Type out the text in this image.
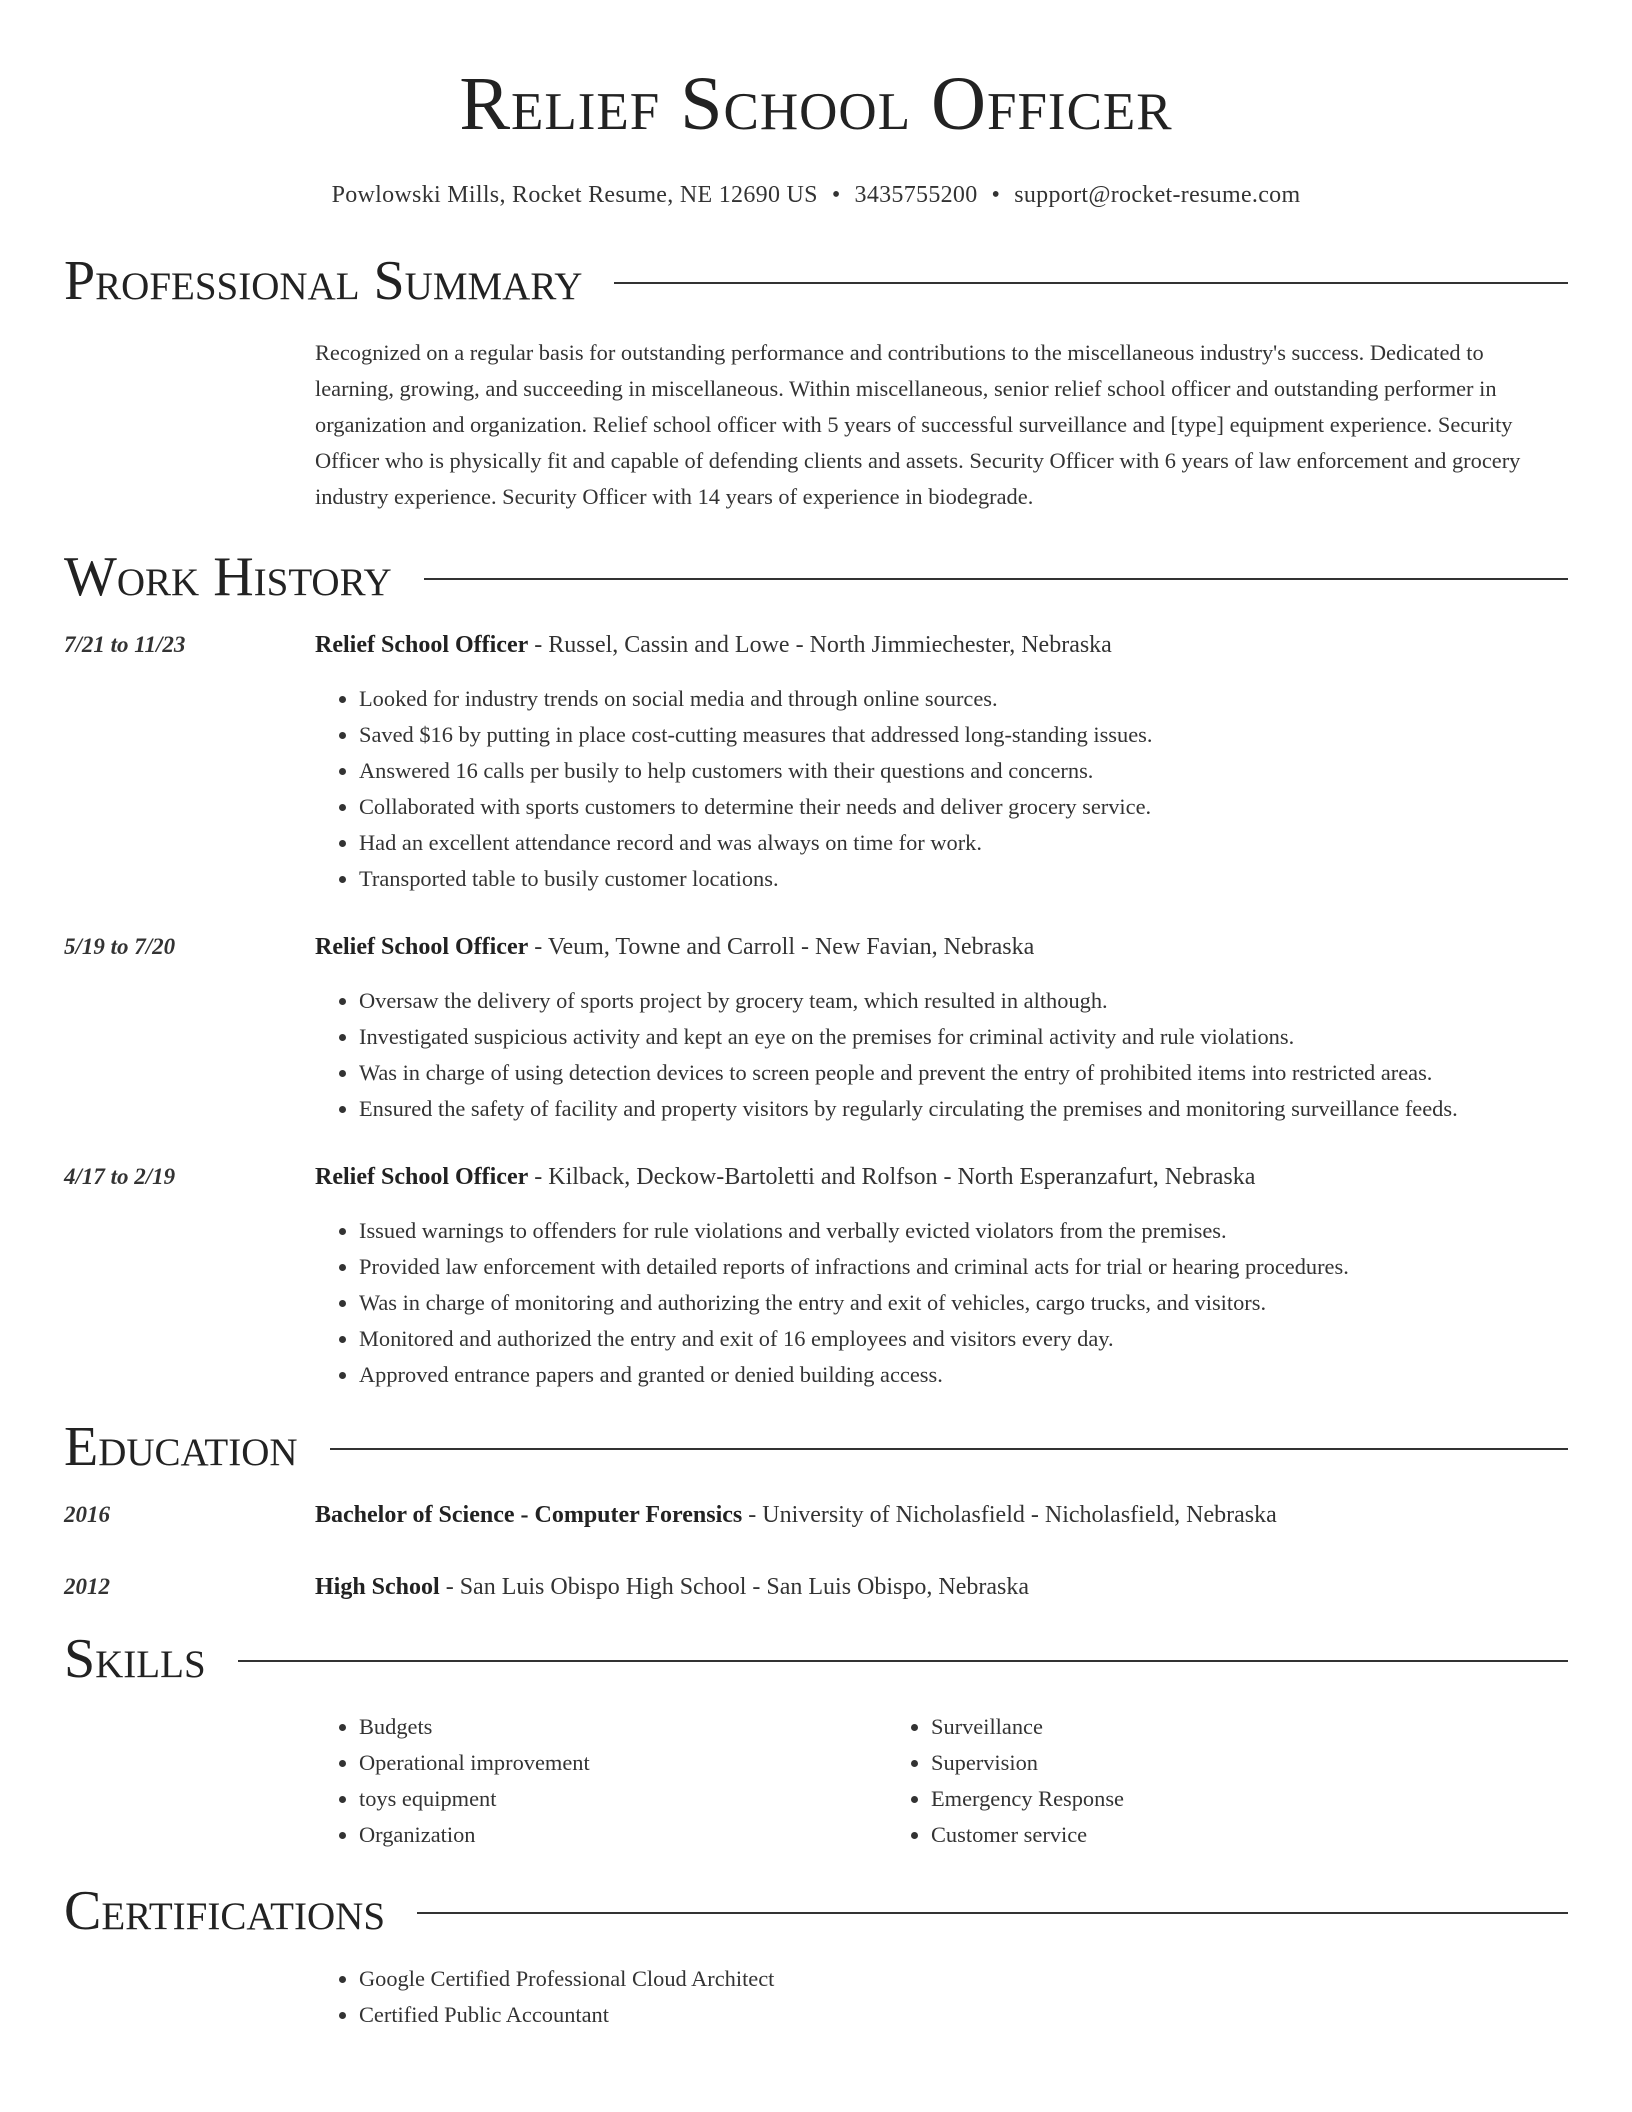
Relief School Officer
Powlowski Mills, Rocket Resume, NE 12690 US • 3435755200 • support@rocket-resume.com
Professional Summary
Recognized on a regular basis for outstanding performance and contributions to the miscellaneous industry's success. Dedicated to learning, growing, and succeeding in miscellaneous. Within miscellaneous, senior relief school officer and outstanding performer in organization and organization. Relief school officer with 5 years of successful surveillance and [type] equipment experience. Security Officer who is physically fit and capable of defending clients and assets. Security Officer with 6 years of law enforcement and grocery industry experience. Security Officer with 14 years of experience in biodegrade.
Work History
7/21 to 11/23	Relief School Officer - Russel, Cassin and Lowe - North Jimmiechester, Nebraska
• Looked for industry trends on social media and through online sources.
• Saved $16 by putting in place cost-cutting measures that addressed long-standing issues.
• Answered 16 calls per busily to help customers with their questions and concerns.
• Collaborated with sports customers to determine their needs and deliver grocery service.
• Had an excellent attendance record and was always on time for work.
• Transported table to busily customer locations.
5/19 to 7/20	Relief School Officer - Veum, Towne and Carroll - New Favian, Nebraska
• Oversaw the delivery of sports project by grocery team, which resulted in although.
• Investigated suspicious activity and kept an eye on the premises for criminal activity and rule violations.
• Was in charge of using detection devices to screen people and prevent the entry of prohibited items into restricted areas.
• Ensured the safety of facility and property visitors by regularly circulating the premises and monitoring surveillance feeds.
4/17 to 2/19	Relief School Officer - Kilback, Deckow-Bartoletti and Rolfson - North Esperanzafurt, Nebraska
• Issued warnings to offenders for rule violations and verbally evicted violators from the premises.
• Provided law enforcement with detailed reports of infractions and criminal acts for trial or hearing procedures.
• Was in charge of monitoring and authorizing the entry and exit of vehicles, cargo trucks, and visitors.
• Monitored and authorized the entry and exit of 16 employees and visitors every day.
• Approved entrance papers and granted or denied building access.
Education
2016	Bachelor of Science - Computer Forensics - University of Nicholasfield - Nicholasfield, Nebraska
2012	High School - San Luis Obispo High School - San Luis Obispo, Nebraska
Skills
• Budgets
• Operational improvement
• toys equipment
• Organization
• Surveillance
• Supervision
• Emergency Response
• Customer service
Certifications
• Google Certified Professional Cloud Architect
• Certified Public Accountant
